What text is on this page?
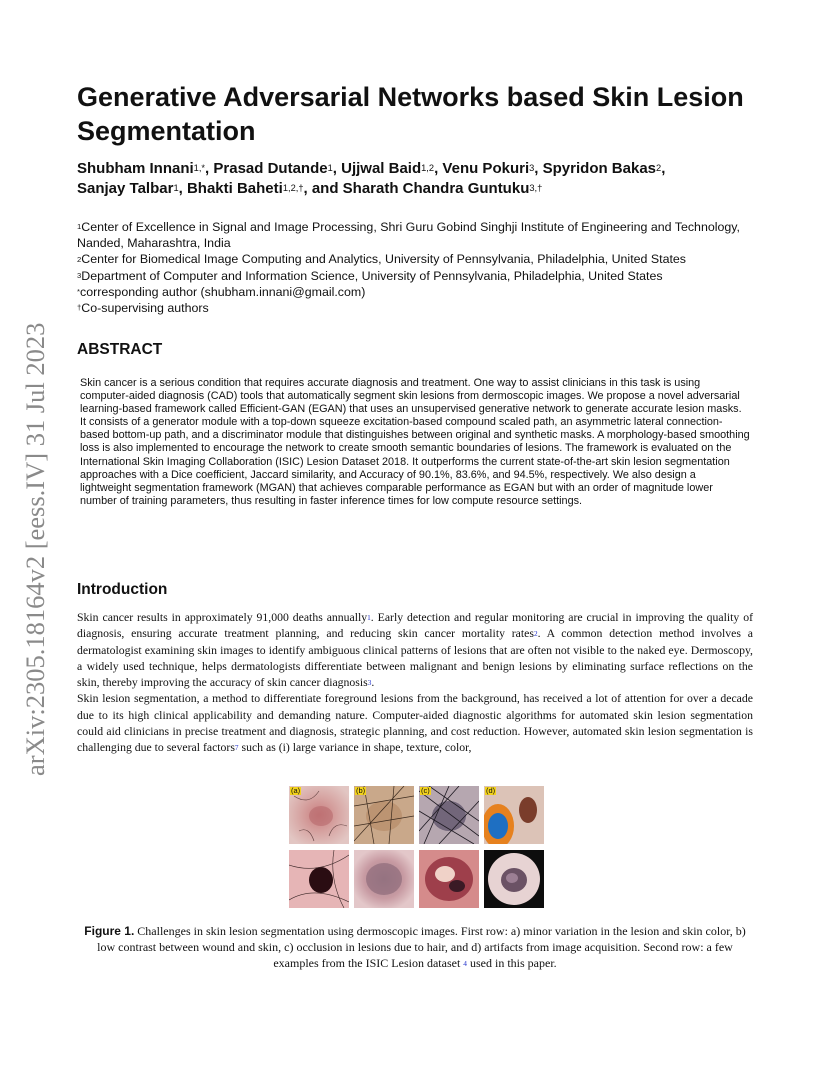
arXiv:2305.18164v2 [eess.IV] 31 Jul 2023
Generative Adversarial Networks based Skin Lesion Segmentation
Shubham Innani$^{1,*}$, Prasad Dutande$^1$, Ujjwal Baid$^{1,2}$, Venu Pokuri$^3$, Spyridon Bakas$^2$,
Sanjay Talbar$^1$, Bhakti Baheti$^{1,2,\dagger}$, and Sharath Chandra Guntuku$^{3,\dagger}$
$^1$Center of Excellence in Signal and Image Processing, Shri Guru Gobind Singhji Institute of Engineering and Technology, Nanded, Maharashtra, India
$^2$Center for Biomedical Image Computing and Analytics, University of Pennsylvania, Philadelphia, United States
$^3$Department of Computer and Information Science, University of Pennsylvania, Philadelphia, United States
*corresponding author (shubham.innani@gmail.com)
†Co-supervising authors
ABSTRACT
Skin cancer is a serious condition that requires accurate diagnosis and treatment. One way to assist clinicians in this task is using computer-aided diagnosis (CAD) tools that automatically segment skin lesions from dermoscopic images. We propose a novel adversarial learning-based framework called Efficient-GAN (EGAN) that uses an unsupervised generative network to generate accurate lesion masks. It consists of a generator module with a top-down squeeze excitation-based compound scaled path, an asymmetric lateral connection-based bottom-up path, and a discriminator module that distinguishes between original and synthetic masks. A morphology-based smoothing loss is also implemented to encourage the network to create smooth semantic boundaries of lesions. The framework is evaluated on the International Skin Imaging Collaboration (ISIC) Lesion Dataset 2018. It outperforms the current state-of-the-art skin lesion segmentation approaches with a Dice coefficient, Jaccard similarity, and Accuracy of 90.1%, 83.6%, and 94.5%, respectively. We also design a lightweight segmentation framework (MGAN) that achieves comparable performance as EGAN but with an order of magnitude lower number of training parameters, thus resulting in faster inference times for low compute resource settings.
Introduction

Skin cancer results in approximately 91,000 deaths annually$^1$. Early detection and regular monitoring are crucial in improving the quality of diagnosis, ensuring accurate treatment planning, and reducing skin cancer mortality rates$^2$. A common detection method involves a dermatologist examining skin images to identify ambiguous clinical patterns of lesions that are often not visible to the naked eye. Dermoscopy, a widely used technique, helps dermatologists differentiate between malignant and benign lesions by eliminating surface reflections on the skin, thereby improving the accuracy of skin cancer diagnosis$^3$.

Skin lesion segmentation, a method to differentiate foreground lesions from the background, has received a lot of attention for over a decade due to its high clinical applicability and demanding nature. Computer-aided diagnostic algorithms for automated skin lesion segmentation could aid clinicians in precise treatment and diagnosis, strategic planning, and cost reduction. However, automated skin lesion segmentation is challenging due to several factors$^7$ such as (i) large variance in shape, texture, color,

(a)	(b)	(c)	(d)
Figure 1. Challenges in skin lesion segmentation using dermoscopic images. First row: a) minor variation in the lesion and skin color, b) low contrast between wound and skin, c) occlusion in lesions due to hair, and d) artifacts from image acquisition. Second row: a few examples from the ISIC Lesion dataset $^4$ used in this paper.
